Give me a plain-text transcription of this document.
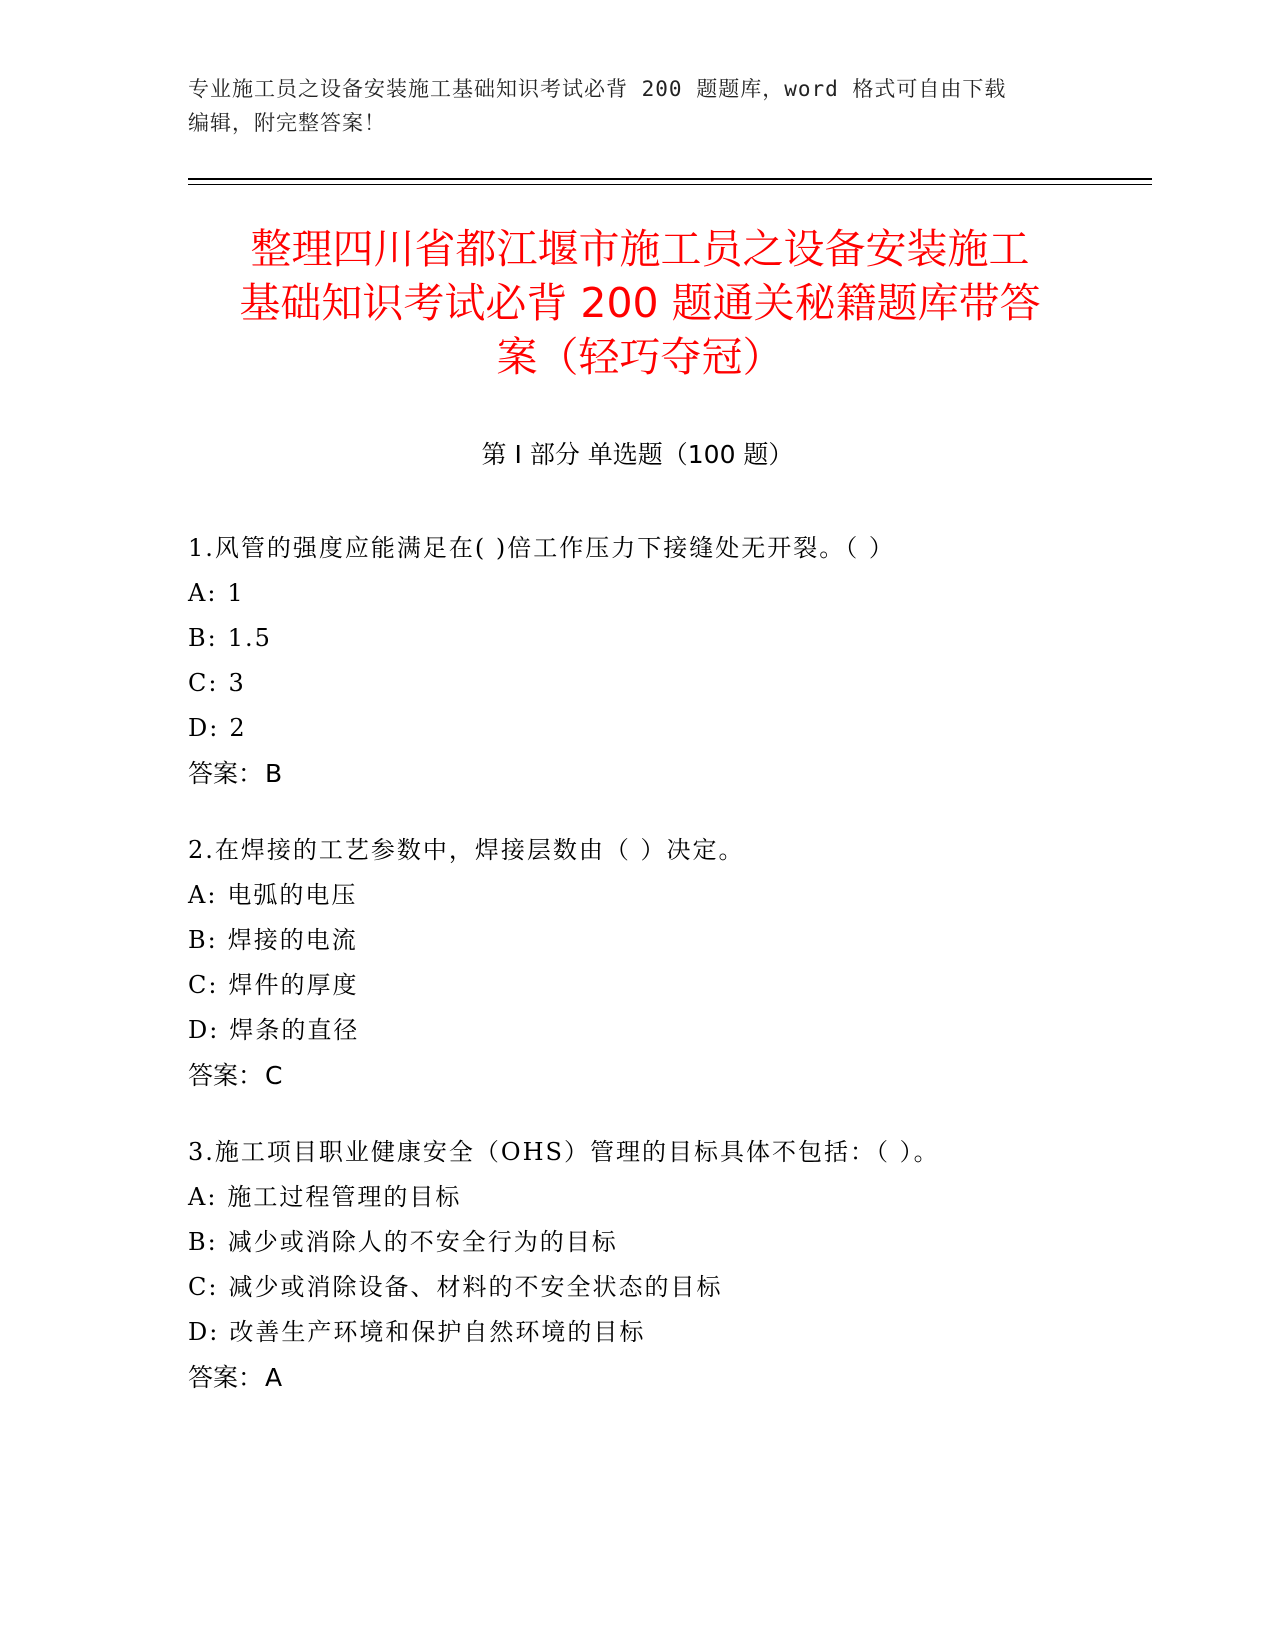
专业施工员之设备安装施工基础知识考试必背 200 题题库，word 格式可自由下载
编辑，附完整答案！
整理四川省都江堰市施工员之设备安装施工
基础知识考试必背 200 题通关秘籍题库带答
案（轻巧夺冠）
第 I 部分 单选题（100 题）
1.风管的强度应能满足在( )倍工作压力下接缝处无开裂。（ ）
A: 1
B: 1.5
C: 3
D: 2
答案：B
2.在焊接的工艺参数中，焊接层数由（ ）决定。
A: 电弧的电压
B: 焊接的电流
C: 焊件的厚度
D: 焊条的直径
答案：C
3.施工项目职业健康安全（OHS）管理的目标具体不包括：（ ）。
A: 施工过程管理的目标
B: 减少或消除人的不安全行为的目标
C: 减少或消除设备、材料的不安全状态的目标
D: 改善生产环境和保护自然环境的目标
答案：A
